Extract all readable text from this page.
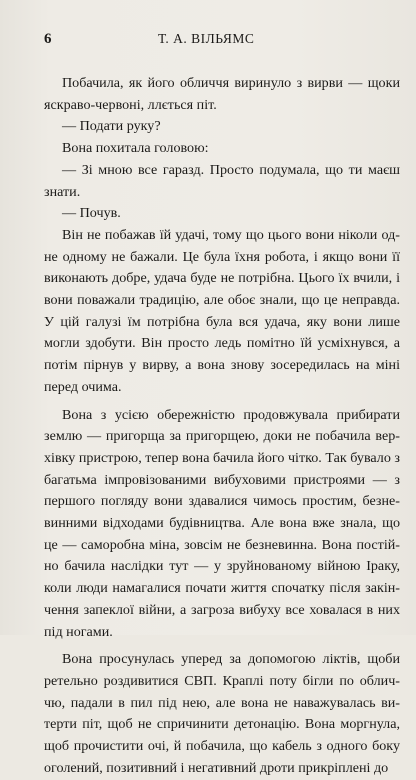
6	Т. А. ВІЛЬЯМС

Побачила, як його обличчя виринуло з вирви — щоки яскраво-червоні, ллється піт.

— Подати руку?

Вона похитала головою:

— Зі мною все гаразд. Просто подумала, що ти маєш знати.

— Почув.

Він не побажав їй удачі, тому що цього вони ніколи одне одному не бажали. Це була їхня робота, і якщо вони її виконають добре, удача буде не потрібна. Цього їх вчили, і вони поважали традицію, але обоє знали, що це неправда. У цій галузі їм потрібна була вся удача, яку вони лише могли здобути. Він просто ледь помітно їй усміхнувся, а потім пірнув у вирву, а вона знову зосередилась на міні перед очима.

Вона з усією обережністю продовжувала прибирати землю — пригорща за пригорщею, доки не побачила верхівку пристрою, тепер вона бачила його чітко. Так бувало з багатьма імпровізованими вибуховими пристроями — з першого погляду вони здавалися чимось простим, безневинними відходами будівництва. Але вона вже знала, що це — саморобна міна, зовсім не безневинна. Вона постійно бачила наслідки тут — у зруйнованому війною Іраку, коли люди намагалися почати життя спочатку після закінчення запеклої війни, а загроза вибуху все ховалася в них під ногами.

Вона просунулась уперед за допомогою ліктів, щоби ретельно роздивитися СВП. Краплі поту бігли по обличчю, падали в пил під нею, але вона не наважувалась витерти піт, щоб не спричинити детонацію. Вона моргнула, щоб прочистити очі, й побачила, що кабель з одного боку оголений, позитивний і негативний дроти прикріплені до
